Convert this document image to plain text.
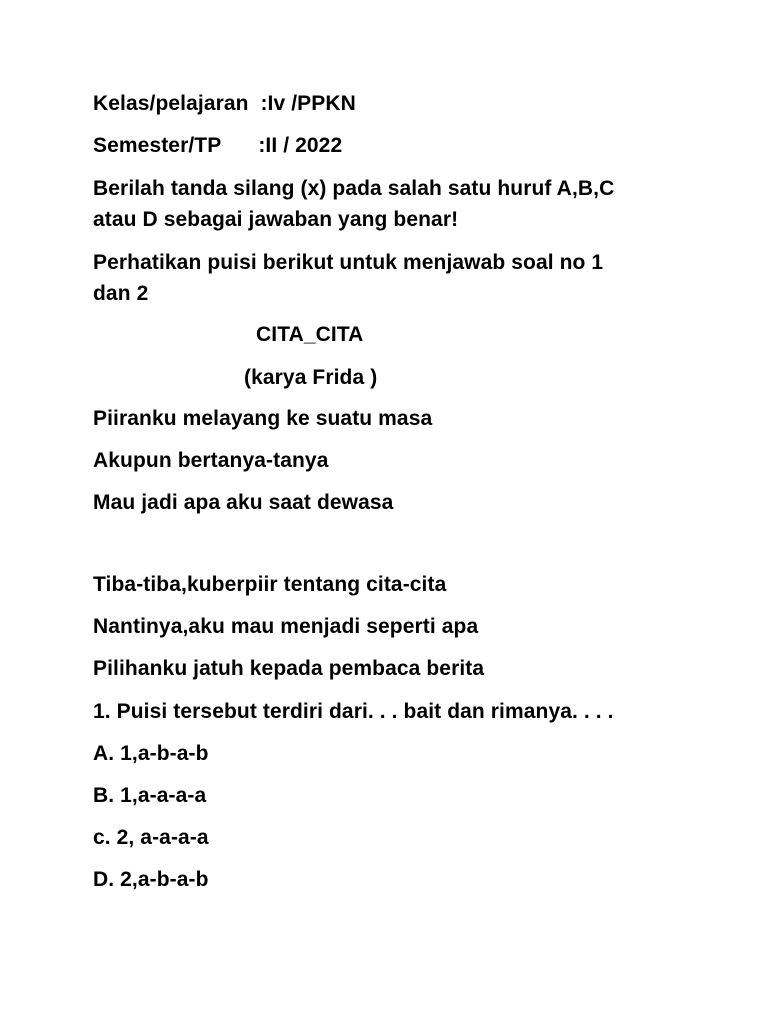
Kelas/pelajaran :Iv /PPKN
Semester/TP :II / 2022
Berilah tanda silang (x) pada salah satu huruf A,B,C
atau D sebagai jawaban yang benar!
Perhatikan puisi berikut untuk menjawab soal no 1
dan 2
CITA_CITA
(karya Frida )
Piiranku melayang ke suatu masa
Akupun bertanya-tanya
Mau jadi apa aku saat dewasa
Tiba-tiba,kuberpiir tentang cita-cita
Nantinya,aku mau menjadi seperti apa
Pilihanku jatuh kepada pembaca berita
1. Puisi tersebut terdiri dari. . . bait dan rimanya. . . .
A. 1,a-b-a-b
B. 1,a-a-a-a
c. 2, a-a-a-a
D. 2,a-b-a-b
